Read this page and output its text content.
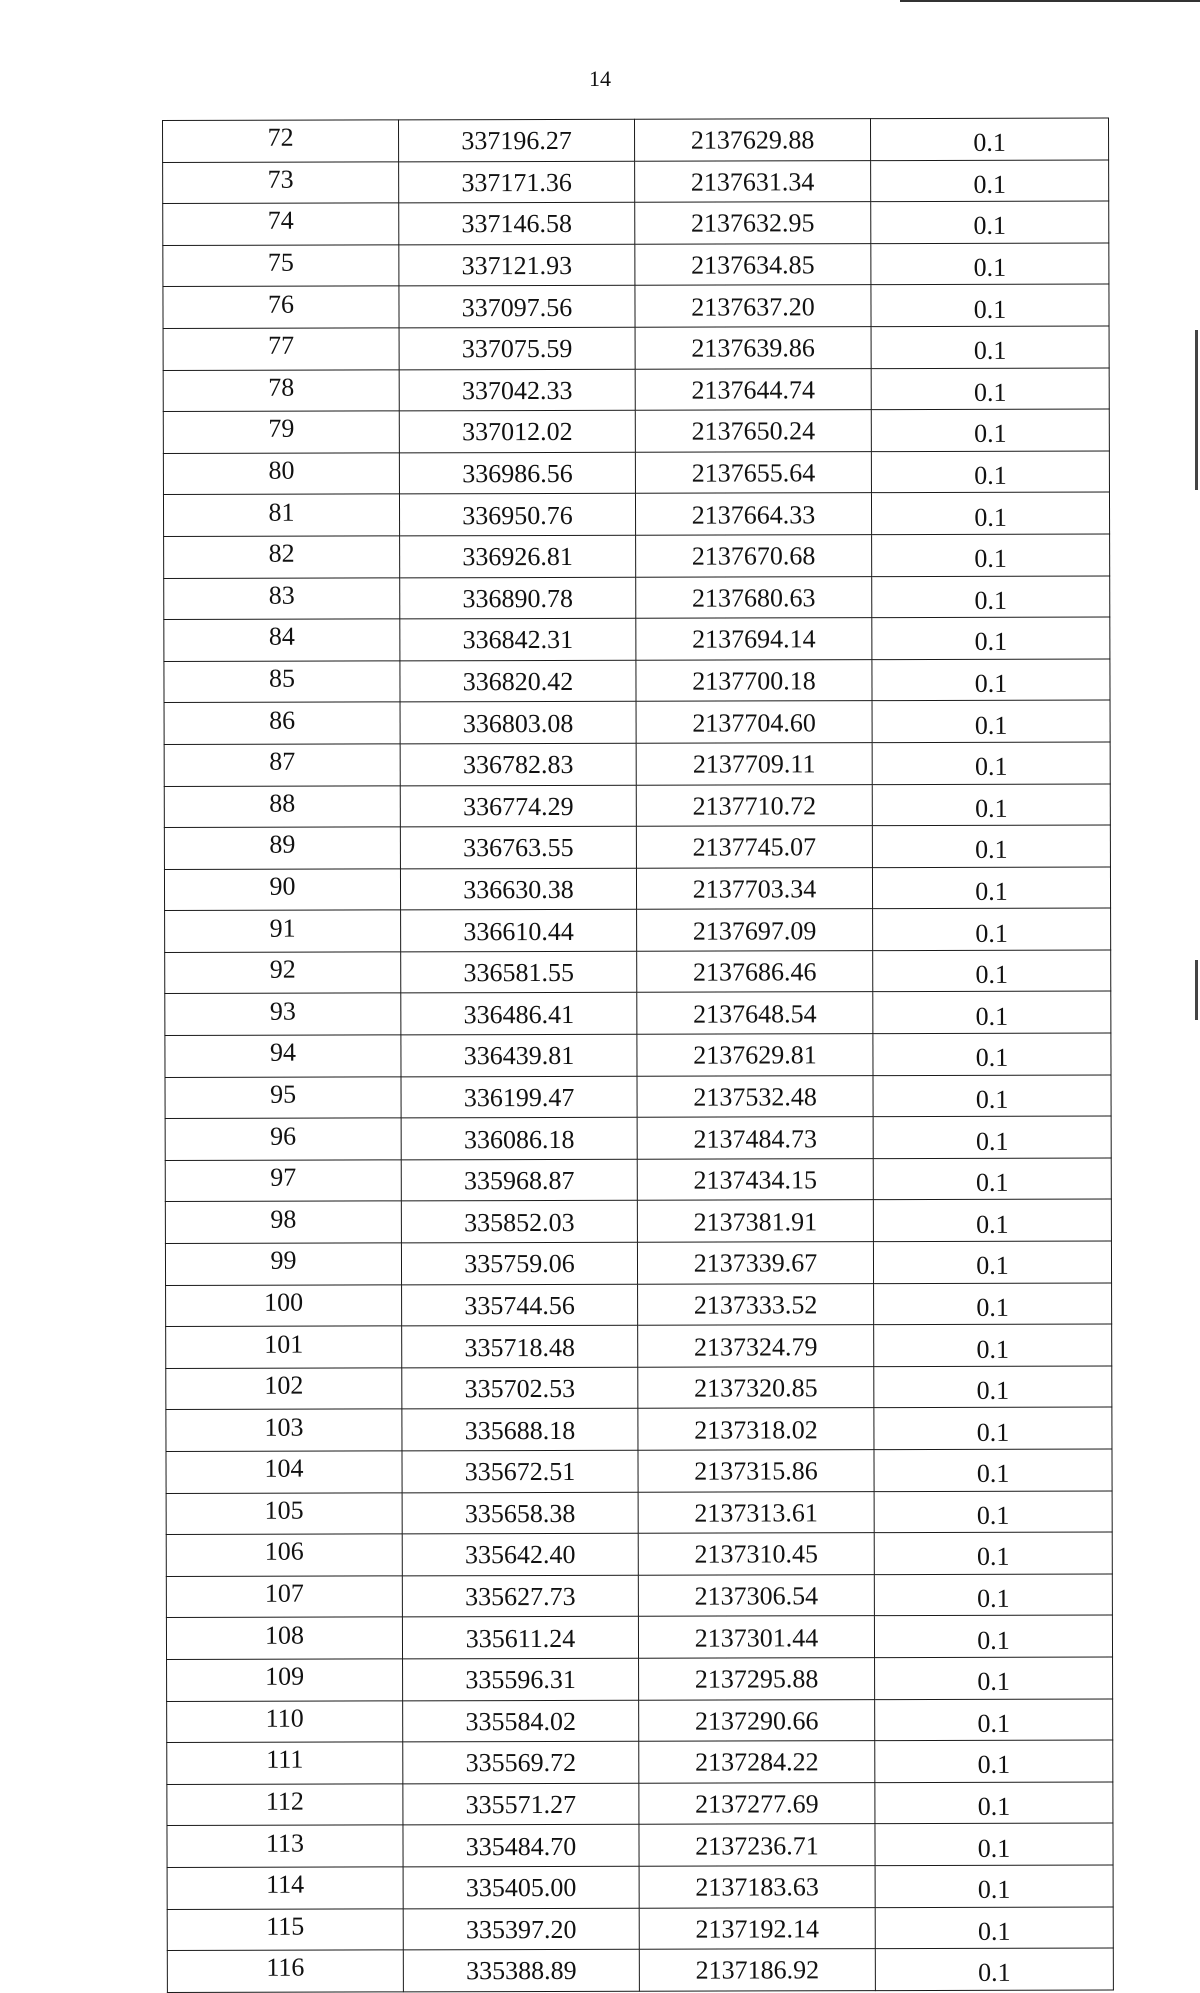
14
72	337196.27	2137629.88	0.1
73	337171.36	2137631.34	0.1
74	337146.58	2137632.95	0.1
75	337121.93	2137634.85	0.1
76	337097.56	2137637.20	0.1
77	337075.59	2137639.86	0.1
78	337042.33	2137644.74	0.1
79	337012.02	2137650.24	0.1
80	336986.56	2137655.64	0.1
81	336950.76	2137664.33	0.1
82	336926.81	2137670.68	0.1
83	336890.78	2137680.63	0.1
84	336842.31	2137694.14	0.1
85	336820.42	2137700.18	0.1
86	336803.08	2137704.60	0.1
87	336782.83	2137709.11	0.1
88	336774.29	2137710.72	0.1
89	336763.55	2137745.07	0.1
90	336630.38	2137703.34	0.1
91	336610.44	2137697.09	0.1
92	336581.55	2137686.46	0.1
93	336486.41	2137648.54	0.1
94	336439.81	2137629.81	0.1
95	336199.47	2137532.48	0.1
96	336086.18	2137484.73	0.1
97	335968.87	2137434.15	0.1
98	335852.03	2137381.91	0.1
99	335759.06	2137339.67	0.1
100	335744.56	2137333.52	0.1
101	335718.48	2137324.79	0.1
102	335702.53	2137320.85	0.1
103	335688.18	2137318.02	0.1
104	335672.51	2137315.86	0.1
105	335658.38	2137313.61	0.1
106	335642.40	2137310.45	0.1
107	335627.73	2137306.54	0.1
108	335611.24	2137301.44	0.1
109	335596.31	2137295.88	0.1
110	335584.02	2137290.66	0.1
111	335569.72	2137284.22	0.1
112	335571.27	2137277.69	0.1
113	335484.70	2137236.71	0.1
114	335405.00	2137183.63	0.1
115	335397.20	2137192.14	0.1
116	335388.89	2137186.92	0.1
